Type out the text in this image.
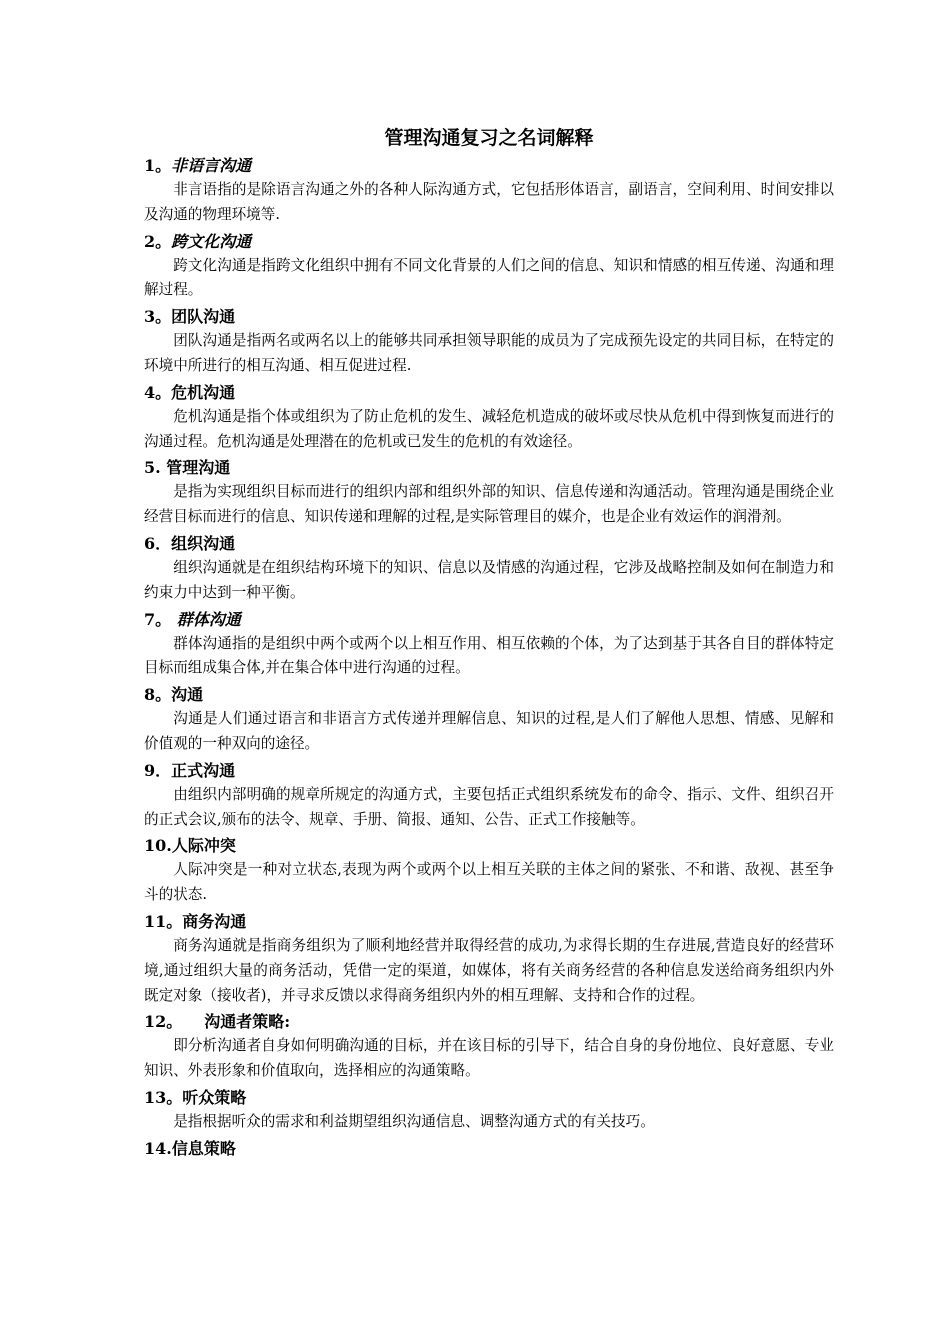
管理沟通复习之名词解释
1。非语言沟通

非言语指的是除语言沟通之外的各种人际沟通方式，它包括形体语言，副语言，空间利用、时间安排以及沟通的物理环境等.

2。跨文化沟通

跨文化沟通是指跨文化组织中拥有不同文化背景的人们之间的信息、知识和情感的相互传递、沟通和理解过程。

3。团队沟通

团队沟通是指两名或两名以上的能够共同承担领导职能的成员为了完成预先设定的共同目标，在特定的环境中所进行的相互沟通、相互促进过程.

4。危机沟通

危机沟通是指个体或组织为了防止危机的发生、减轻危机造成的破坏或尽快从危机中得到恢复而进行的沟通过程。危机沟通是处理潜在的危机或已发生的危机的有效途径。

5. 管理沟通

是指为实现组织目标而进行的组织内部和组织外部的知识、信息传递和沟通活动。管理沟通是围绕企业经营目标而进行的信息、知识传递和理解的过程,是实际管理目的媒介，也是企业有效运作的润滑剂。

6．组织沟通

组织沟通就是在组织结构环境下的知识、信息以及情感的沟通过程，它涉及战略控制及如何在制造力和约束力中达到一种平衡。

7。 群体沟通

群体沟通指的是组织中两个或两个以上相互作用、相互依赖的个体，为了达到基于其各自目的群体特定目标而组成集合体,并在集合体中进行沟通的过程。

8。沟通

沟通是人们通过语言和非语言方式传递并理解信息、知识的过程,是人们了解他人思想、情感、见解和价值观的一种双向的途径。

9．正式沟通

由组织内部明确的规章所规定的沟通方式，主要包括正式组织系统发布的命令、指示、文件、组织召开的正式会议,颁布的法令、规章、手册、简报、通知、公告、正式工作接触等。

10.人际冲突

人际冲突是一种对立状态,表现为两个或两个以上相互关联的主体之间的紧张、不和谐、敌视、甚至争斗的状态.

11。商务沟通

商务沟通就是指商务组织为了顺利地经营并取得经营的成功,为求得长期的生存进展,营造良好的经营环境,通过组织大量的商务活动，凭借一定的渠道，如媒体，将有关商务经营的各种信息发送给商务组织内外既定对象（接收者)，并寻求反馈以求得商务组织内外的相互理解、支持和合作的过程。

12。 沟通者策略:

即分析沟通者自身如何明确沟通的目标，并在该目标的引导下，结合自身的身份地位、良好意愿、专业知识、外表形象和价值取向，选择相应的沟通策略。

13。听众策略

是指根据听众的需求和利益期望组织沟通信息、调整沟通方式的有关技巧。

14.信息策略
